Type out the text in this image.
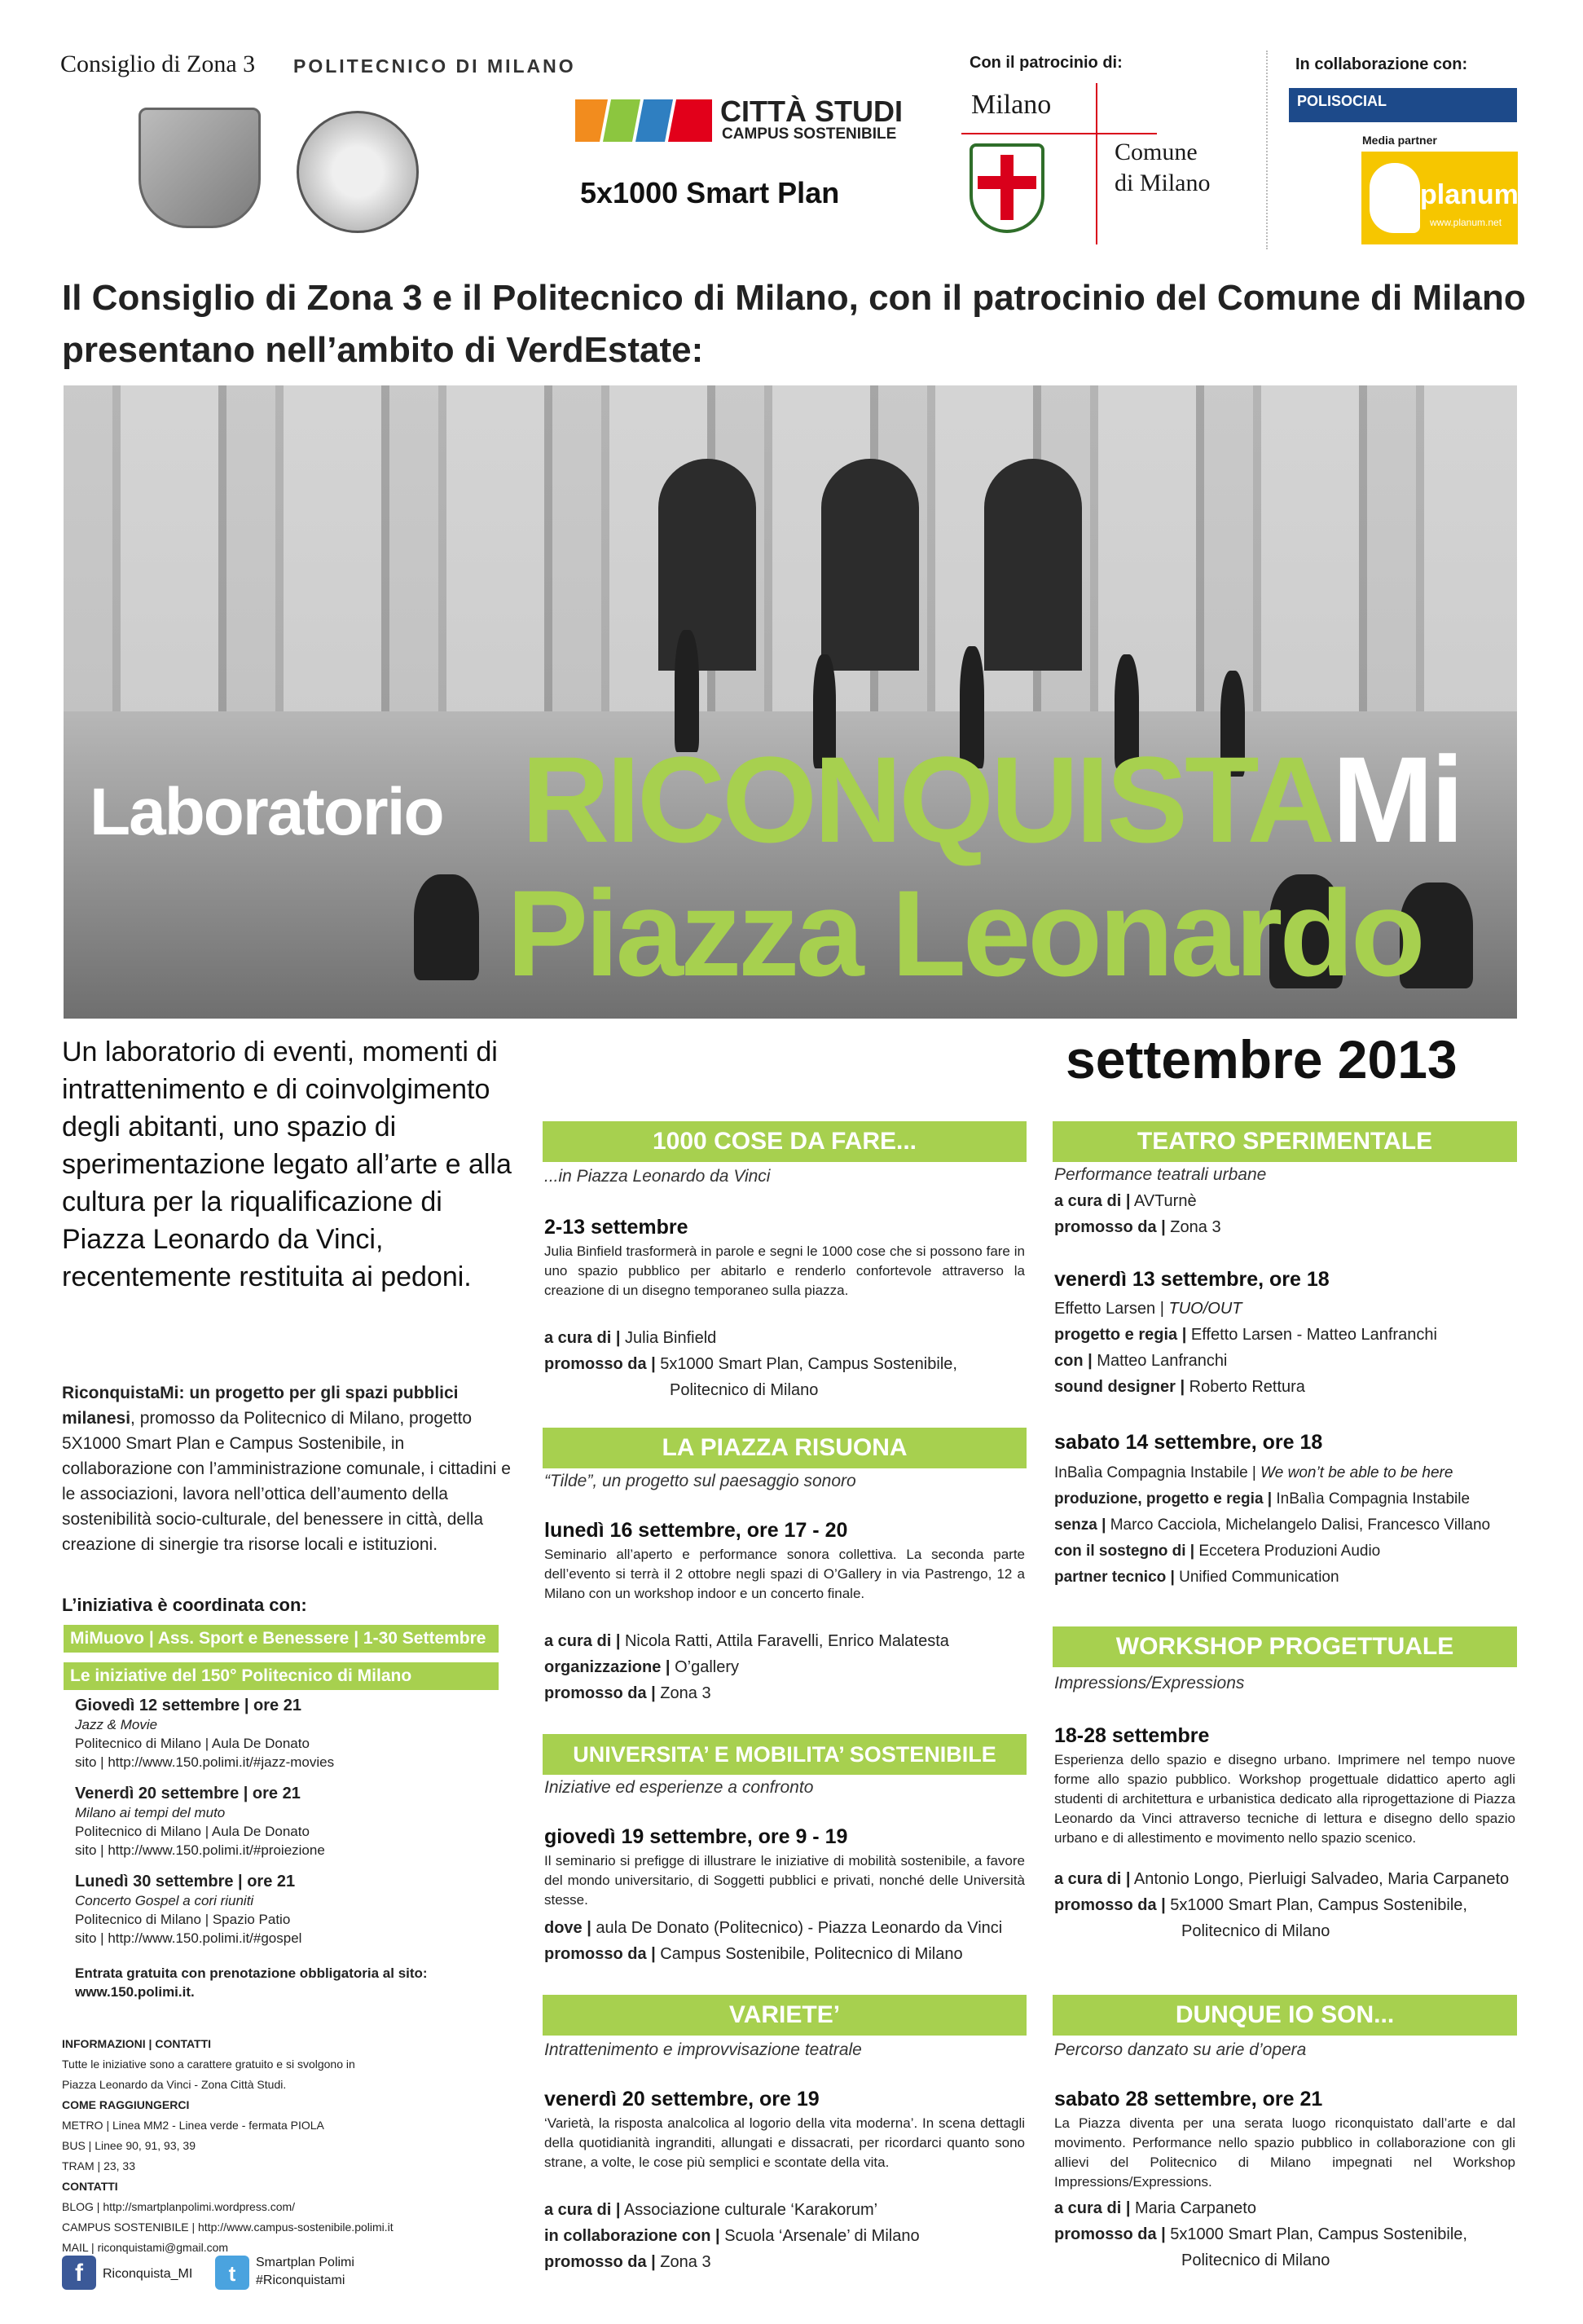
Consiglio di Zona 3 POLITECNICO DI MILANO
CITTÀ STUDI
CAMPUS SOSTENIBILE
5x1000 Smart Plan
Con il patrocinio di:
Milano
Comune
di Milano
In collaborazione con:
POLISOCIAL
Media partner
planum
www.planum.net
Il Consiglio di Zona 3 e il Politecnico di Milano, con il patrocinio del Comune di Milano presentano nell’ambito di VerdEstate:
Laboratorio RICONQUISTAMi
Piazza Leonardo
Un laboratorio di eventi, momenti di intrattenimento e di coinvolgimento degli abitanti, uno spazio di sperimentazione legato all’arte e alla cultura per la riqualificazione di Piazza Leonardo da Vinci, recentemente restituita ai pedoni.
RiconquistaMi: un progetto per gli spazi pubblici milanesi, promosso da Politecnico di Milano, progetto 5X1000 Smart Plan e Campus Sostenibile, in collaborazione con l’amministrazione comunale, i cittadini e le associazioni, lavora nell’ottica dell’aumento della sostenibilità socio-culturale, del benessere in città, della creazione di sinergie tra risorse locali e istituzioni.
L’iniziativa è coordinata con:
MiMuovo | Ass. Sport e Benessere | 1-30 Settembre
Le iniziative del 150° Politecnico di Milano
Giovedì 12 settembre | ore 21
Jazz & Movie
Politecnico di Milano | Aula De Donato
sito | http://www.150.polimi.it/#jazz-movies
Venerdì 20 settembre | ore 21
Milano ai tempi del muto
Politecnico di Milano | Aula De Donato
sito | http://www.150.polimi.it/#proiezione
Lunedì 30 settembre | ore 21
Concerto Gospel a cori riuniti
Politecnico di Milano | Spazio Patio
sito | http://www.150.polimi.it/#gospel
Entrata gratuita con prenotazione obbligatoria al sito:
www.150.polimi.it.
INFORMAZIONI | CONTATTI
Tutte le iniziative sono a carattere gratuito e si svolgono in
Piazza Leonardo da Vinci - Zona Città Studi.
COME RAGGIUNGERCI
METRO | Linea MM2 - Linea verde - fermata PIOLA
BUS | Linee 90, 91, 93, 39
TRAM | 23, 33
CONTATTI
BLOG | http://smartplanpolimi.wordpress.com/
CAMPUS SOSTENIBILE | http://www.campus-sostenibile.polimi.it
MAIL | riconquistami@gmail.com
f	Riconquista_MI	t	Smartplan Polimi
#Riconquistami
settembre 2013
1000 COSE DA FARE...
...in Piazza Leonardo da Vinci
2-13 settembre
Julia Binfield trasformerà in parole e segni le 1000 cose che si possono fare in uno spazio pubblico per abitarlo e renderlo confortevole attraverso la creazione di un disegno temporaneo sulla piazza.
a cura di | Julia Binfield
promosso da | 5x1000 Smart Plan, Campus Sostenibile,
Politecnico di Milano
LA PIAZZA RISUONA
“Tilde”, un progetto sul paesaggio sonoro
lunedì 16 settembre, ore 17 - 20
Seminario all’aperto e performance sonora collettiva. La seconda parte dell’evento si terrà il 2 ottobre negli spazi di O’Gallery in via Pastrengo, 12 a Milano con un workshop indoor e un concerto finale.
a cura di | Nicola Ratti, Attila Faravelli, Enrico Malatesta
organizzazione | O’gallery
promosso da | Zona 3
UNIVERSITA’ E MOBILITA’ SOSTENIBILE
Iniziative ed esperienze a confronto
giovedì 19 settembre, ore 9 - 19
Il seminario si prefigge di illustrare le iniziative di mobilità sostenibile, a favore del mondo universitario, di Soggetti pubblici e privati, nonché delle Università stesse.
dove | aula De Donato (Politecnico) - Piazza Leonardo da Vinci
promosso da | Campus Sostenibile, Politecnico di Milano
VARIETE’
Intrattenimento e improvvisazione teatrale
venerdì 20 settembre, ore 19
‘Varietà, la risposta analcolica al logorio della vita moderna’. In scena dettagli della quotidianità ingranditi, allungati e dissacrati, per ricordarci quanto sono strane, a volte, le cose più semplici e scontate della vita.
a cura di | Associazione culturale ‘Karakorum’
in collaborazione con | Scuola ‘Arsenale’ di Milano
promosso da | Zona 3
TEATRO SPERIMENTALE
Performance teatrali urbane
a cura di | AVTurnè
promosso da | Zona 3
venerdì 13 settembre, ore 18
Effetto Larsen | TUO/OUT
progetto e regia | Effetto Larsen - Matteo Lanfranchi
con | Matteo Lanfranchi
sound designer | Roberto Rettura
sabato 14 settembre, ore 18
InBalìa Compagnia Instabile | We won’t be able to be here
produzione, progetto e regia | InBalìa Compagnia Instabile
senza | Marco Cacciola, Michelangelo Dalisi, Francesco Villano
con il sostegno di | Eccetera Produzioni Audio
partner tecnico | Unified Communication
WORKSHOP PROGETTUALE
Impressions/Expressions
18-28 settembre
Esperienza dello spazio e disegno urbano. Imprimere nel tempo nuove forme allo spazio pubblico. Workshop progettuale didattico aperto agli studenti di architettura e urbanistica dedicato alla riprogettazione di Piazza Leonardo da Vinci attraverso tecniche di lettura e disegno dello spazio urbano e di allestimento e movimento nello spazio scenico.
a cura di | Antonio Longo, Pierluigi Salvadeo, Maria Carpaneto
promosso da | 5x1000 Smart Plan, Campus Sostenibile,
Politecnico di Milano
DUNQUE IO SON...
Percorso danzato su arie d’opera
sabato 28 settembre, ore 21
La Piazza diventa per una serata luogo riconquistato dall’arte e dal movimento. Performance nello spazio pubblico in collaborazione con gli allievi del Politecnico di Milano impegnati nel Workshop Impressions/Expressions.
a cura di | Maria Carpaneto
promosso da | 5x1000 Smart Plan, Campus Sostenibile,
Politecnico di Milano
